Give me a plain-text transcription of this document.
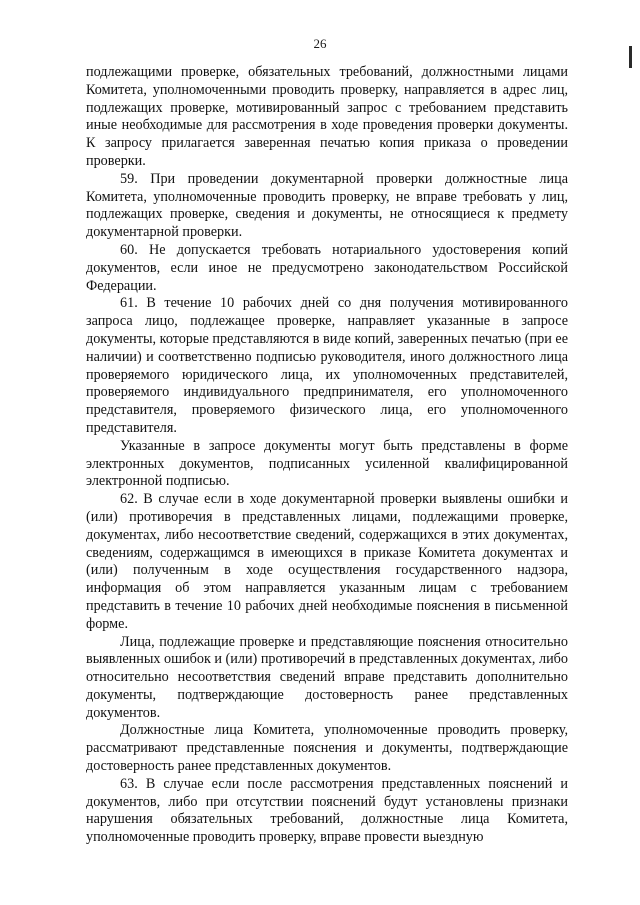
26

подлежащими проверке, обязательных требований, должностными лицами Комитета, уполномоченными проводить проверку, направляется в адрес лиц, подлежащих проверке, мотивированный запрос с требованием представить иные необходимые для рассмотрения в ходе проведения проверки документы. К запросу прилагается заверенная печатью копия приказа о проведении проверки.

59. При проведении документарной проверки должностные лица Комитета, уполномоченные проводить проверку, не вправе требовать у лиц, подлежащих проверке, сведения и документы, не относящиеся к предмету документарной проверки.

60. Не допускается требовать нотариального удостоверения копий документов, если иное не предусмотрено законодательством Российской Федерации.

61. В течение 10 рабочих дней со дня получения мотивированного запроса лицо, подлежащее проверке, направляет указанные в запросе документы, которые представляются в виде копий, заверенных печатью (при ее наличии) и соответственно подписью руководителя, иного должностного лица проверяемого юридического лица, их уполномоченных представителей, проверяемого индивидуального предпринимателя, его уполномоченного представителя, проверяемого физического лица, его уполномоченного представителя.

Указанные в запросе документы могут быть представлены в форме электронных документов, подписанных усиленной квалифицированной электронной подписью.

62. В случае если в ходе документарной проверки выявлены ошибки и (или) противоречия в представленных лицами, подлежащими проверке, документах, либо несоответствие сведений, содержащихся в этих документах, сведениям, содержащимся в имеющихся в приказе Комитета документах и (или) полученным в ходе осуществления государственного надзора, информация об этом направляется указанным лицам с требованием представить в течение 10 рабочих дней необходимые пояснения в письменной форме.

Лица, подлежащие проверке и представляющие пояснения относительно выявленных ошибок и (или) противоречий в представленных документах, либо относительно несоответствия сведений вправе представить дополнительно документы, подтверждающие достоверность ранее представленных документов.

Должностные лица Комитета, уполномоченные проводить проверку, рассматривают представленные пояснения и документы, подтверждающие достоверность ранее представленных документов.

63. В случае если после рассмотрения представленных пояснений и документов, либо при отсутствии пояснений будут установлены признаки нарушения обязательных требований, должностные лица Комитета, уполномоченные проводить проверку, вправе провести выездную
